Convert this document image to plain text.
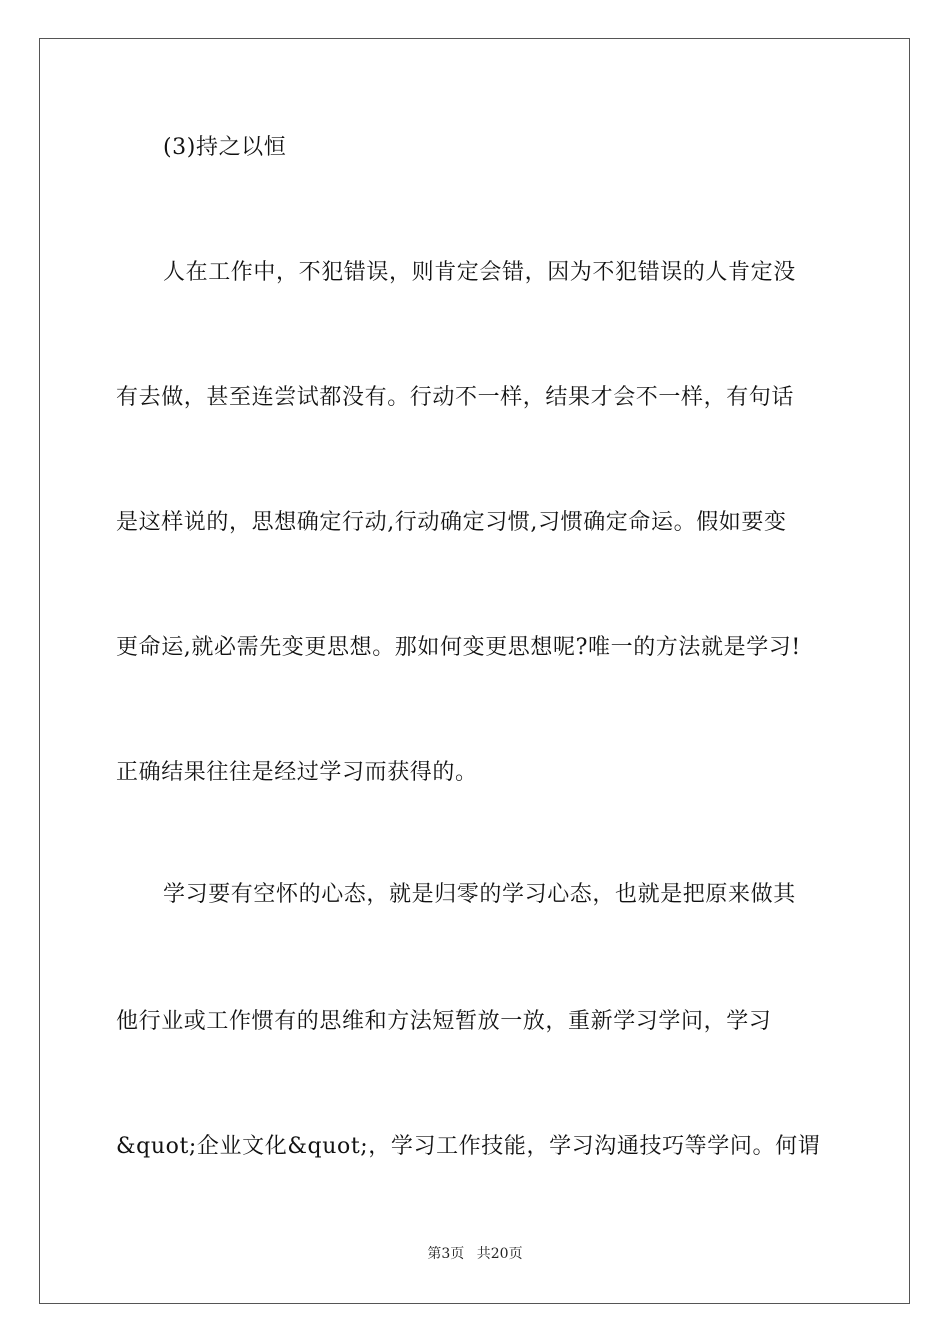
(3)持之以恒
人在工作中，不犯错误，则肯定会错，因为不犯错误的人肯定没
有去做，甚至连尝试都没有。行动不一样，结果才会不一样，有句话
是这样说的，思想确定行动,行动确定习惯,习惯确定命运。假如要变
更命运,就必需先变更思想。那如何变更思想呢?唯一的方法就是学习!
正确结果往往是经过学习而获得的。
学习要有空怀的心态，就是归零的学习心态，也就是把原来做其
他行业或工作惯有的思维和方法短暂放一放，重新学习学问，学习
&quot;企业文化&quot;，学习工作技能，学习沟通技巧等学问。何谓
第3页 共20页
